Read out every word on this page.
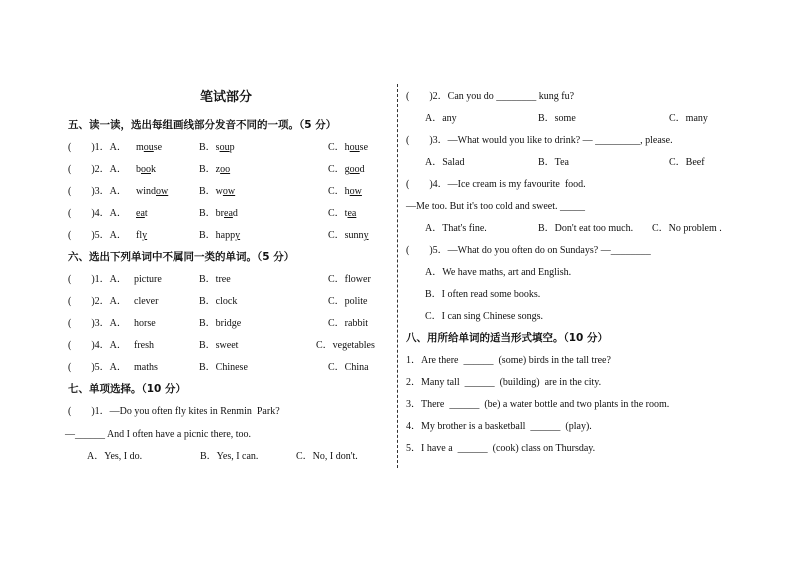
笔试部分
五、读一读，选出每组画线部分发音不同的一项。（5 分）
(　　)1．A． mouse	B．soup	C．house
(　　)2．A． book	B．zoo	C．good
(　　)3．A． window	B．wow	C．how
(　　)4．A． eat	B．bread	C．tea
(　　)5．A． fly	B．happy	C．sunny
六、选出下列单词中不属同一类的单词。（5 分）
(　　)1．A． picture	B．tree	C．flower
(　　)2．A． clever	B．clock	C．polite
(　　)3．A． horse	B．bridge	C．rabbit
(　　)4．A． fresh	B．sweet	C．vegetables
(　　)5．A． maths	B．Chinese	C．China
七、单项选择。（10 分）
(　　)1．—Do you often fly kites in Renmin  Park?
—______ And I often have a picnic there, too.
A．Yes, I do.	B．Yes, I can.	C．No, I don't.
(　　)2．Can you do ________ kung fu?
A．any	B．some	C．many
(　　)3．—What would you like to drink? — _________, please.
A．Salad	B．Tea	C．Beef
(　　)4．—Ice cream is my favourite  food.
—Me too. But it's too cold and sweet. _____
A．That's fine.	B．Don't eat too much. C．No problem .
(　　)5．—What do you often do on Sundays? —________
A．We have maths, art and English.
B．I often read some books.
C．I can sing Chinese songs.
八、用所给单词的适当形式填空。（10 分）
1．Are there  ______  (some) birds in the tall tree?
2．Many tall  ______  (building)  are in the city.
3．There  ______  (be) a water bottle and two plants in the room.
4．My brother is a basketball  ______  (play).
5．I have a  ______  (cook) class on Thursday.
